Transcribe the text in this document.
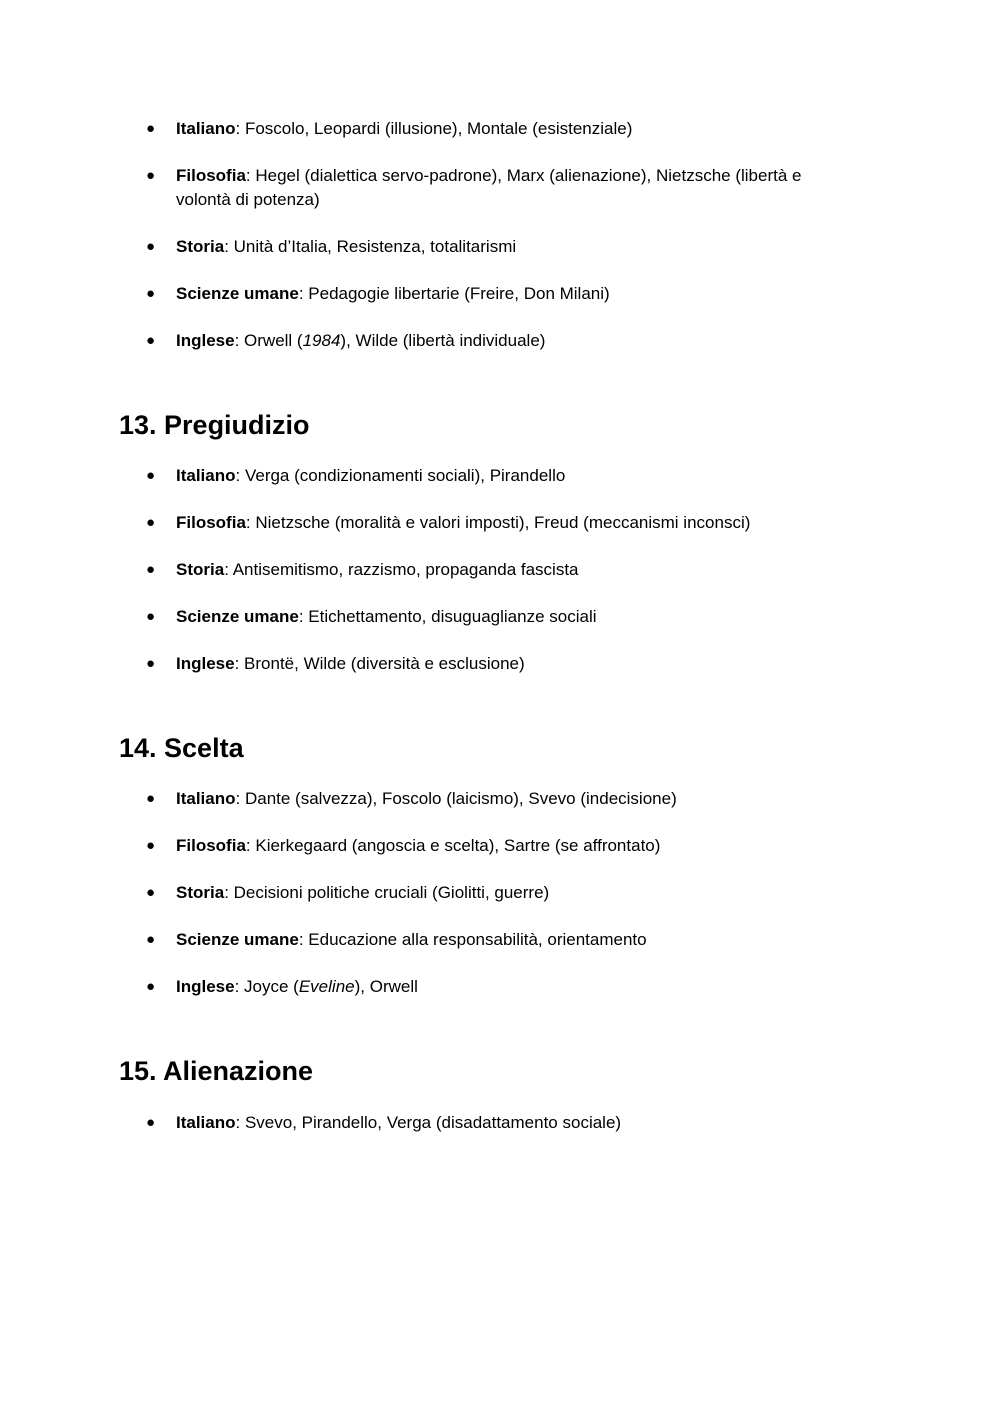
● Italiano: Foscolo, Leopardi (illusione), Montale (esistenziale)
● Filosofia: Hegel (dialettica servo-padrone), Marx (alienazione), Nietzsche (libertà e volontà di potenza)
● Storia: Unità d’Italia, Resistenza, totalitarismi
● Scienze umane: Pedagogie libertarie (Freire, Don Milani)
● Inglese: Orwell (1984), Wilde (libertà individuale)
13. Pregiudizio
● Italiano: Verga (condizionamenti sociali), Pirandello
● Filosofia: Nietzsche (moralità e valori imposti), Freud (meccanismi inconsci)
● Storia: Antisemitismo, razzismo, propaganda fascista
● Scienze umane: Etichettamento, disuguaglianze sociali
● Inglese: Brontë, Wilde (diversità e esclusione)
14. Scelta
● Italiano: Dante (salvezza), Foscolo (laicismo), Svevo (indecisione)
● Filosofia: Kierkegaard (angoscia e scelta), Sartre (se affrontato)
● Storia: Decisioni politiche cruciali (Giolitti, guerre)
● Scienze umane: Educazione alla responsabilità, orientamento
● Inglese: Joyce (Eveline), Orwell
15. Alienazione
● Italiano: Svevo, Pirandello, Verga (disadattamento sociale)
